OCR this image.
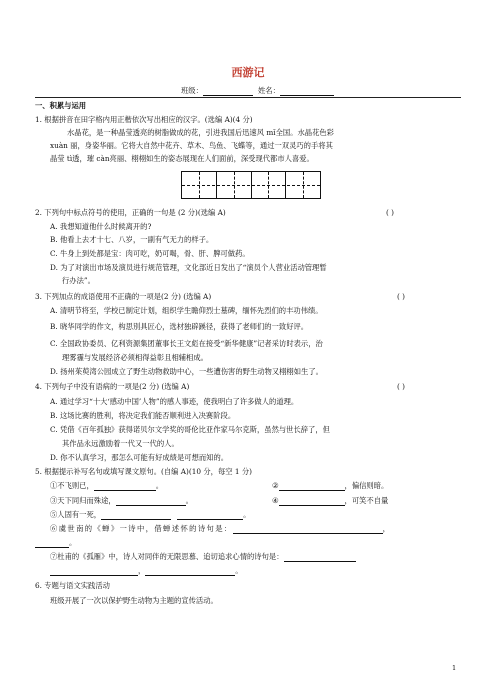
西游记
班级：	姓名：
一、积累与运用
1. 根据拼音在田字格内用正楷依次写出相应的汉字。(选编 A)(4 分)
水晶花，是一种晶莹透亮的树脂做成的花，引进我国后迅速风 mǐ全国。水晶花色彩
xuàn 丽，身姿华丽。它将大自然中花卉、草木、鸟鱼、飞蝶等，通过一双灵巧的手将其
晶莹 tì透，璀 càn亮丽、栩栩如生的姿态展现在人们面前，深受现代都市人喜爱。
2. 下列句中标点符号的使用，正确的一句是 (2 分)(选编 A)	( )
A. 我想知道他什么时候离开的?
B. 他看上去才十七、八岁，一副有气无力的样子。
C. 牛身上到处都是宝：肉可吃，奶可喝，骨、肝、脾可做药。
D. 为了对演出市场及演员进行规范管理，文化部近日发出了“演员个人营业活动管理暂
行办法”。
3. 下列加点的成语使用不正确的一项是(2 分) (选编 A)	( )
A. 清明节将至，学校已制定计划，组织学生瞻仰烈士墓碑，缅怀先烈们的丰功伟绩。
B. 晓华同学的作文，构思別具匠心，选材独辟蹊径，获得了老师们的一致好评。
C. 全国政协委员、亿利资源集团董事长王文彪在接受“新华健康”记者采访时表示，治
理雾霾与发展经济必须相得益彰且相辅相成。
D. 扬州茱萸湾公园成立了野生动物救助中心，一些遭伤害的野生动物又栩栩如生了。
4. 下列句子中没有语病的一项是(2 分) (选编 A)	( )
A. 通过学习“十大‘感动中国’人物”的感人事迹，使我明白了许多做人的道理。
B. 这场比赛的胜利，将决定我们能否顺利进入决赛阶段。
C. 凭借《百年孤独》获得诺贝尔文学奖的哥伦比亚作家马尔克斯，虽然与世长辞了，但
其作品永远激励着一代又一代的人。
D. 你不认真学习，那怎么可能有好成绩是可想而知的。
5. 根据提示补写名句或填写课文原句。(自编 A)(10 分，每空 1 分)
①不飞则已，	。	②	，偏信则暗。
③天下同归而殊途，	。	④	，可笑不自量
⑤人固有一死，	。
⑥虞世南的《蝉》一诗中，借蝉述怀的诗句是：	，
。
⑦杜甫的《孤雁》中，诗人对同伴的无限思慕、追切追求心情的诗句是：
，	。
6. 专题与语文实践活动
班级开展了一次以保护野生动物为主题的宣传活动。
1
